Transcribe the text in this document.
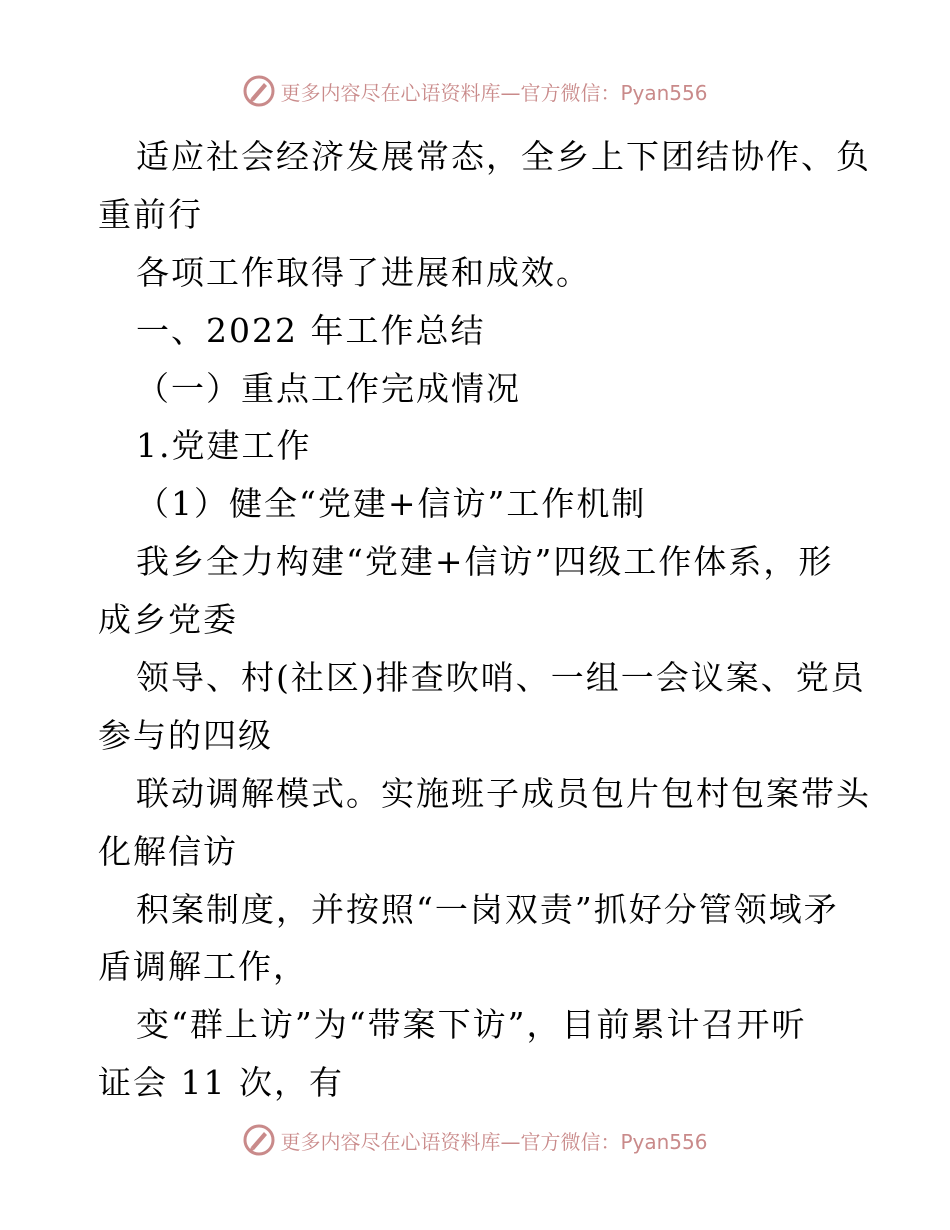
更多内容尽在心语资料库—官方微信：Pyan556
适应社会经济发展常态，全乡上下团结协作、负
重前行
各项工作取得了进展和成效。
一、2022 年工作总结
（一）重点工作完成情况
1.党建工作
（1）健全“党建+信访”工作机制
我乡全力构建“党建+信访”四级工作体系，形
成乡党委
领导、村(社区)排查吹哨、一组一会议案、党员
参与的四级
联动调解模式。实施班子成员包片包村包案带头
化解信访
积案制度，并按照“一岗双责”抓好分管领域矛
盾调解工作，
变“群上访”为“带案下访”，目前累计召开听
证会 11 次，有
更多内容尽在心语资料库—官方微信：Pyan556
